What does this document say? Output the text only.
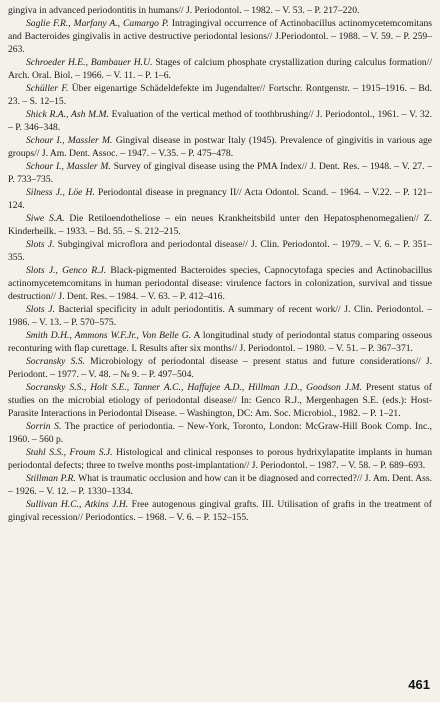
gingiva in advanced periodontitis in humans// J. Periodontol. – 1982. – V. 53. – P. 217–220.

Saglie F.R., Marfany A., Camargo P. Intragingival occurrence of Actinobacillus actinomycetemcomitans and Bacteroides gingivalis in active destructive periodontal lesions// J.Periodontol. – 1988. – V. 59. – P. 259–263.

Schroeder H.E., Bambauer H.U. Stages of calcium phosphate crystallization during calculus formation// Arch. Oral. Biol. – 1966. – V. 11. – P. 1–6.

Schüller F. Über eigenartige Schädeldefekte im Jugendalter// Fortschr. Rontgenstr. – 1915–1916. – Bd. 23. – S. 12–15.

Shick R.A., Ash M.M. Evaluation of the vertical method of toothbrushing// J. Periodontol., 1961. – V. 32. – P. 346–348.

Schour I., Massler M. Gingival disease in postwar Italy (1945). Prevalence of gingivitis in various age groups// J. Am. Dent. Assoc. – 1947. – V.35. – P. 475–478.

Schour I., Massler M. Survey of gingival disease using the PMA Index// J. Dent. Res. – 1948. – V. 27. – P. 733–735.

Silness J., Löe H. Periodontal disease in pregnancy II// Acta Odontol. Scand. – 1964. – V.22. – P. 121–124.

Siwe S.A. Die Retiloendotheliose – ein neues Krankheitsbild unter den Hepatosphenomegalien// Z. Kinderheilk. – 1933. – Bd. 55. – S. 212–215.

Slots J. Subgingival microflora and periodontal disease// J. Clin. Periodontol. – 1979. – V. 6. – P. 351–355.

Slots J., Genco R.J. Black-pigmented Bacteroides species, Capnocytofaga species and Actinobacillus actinomycetemcomitans in human periodontal disease: virulence factors in colonization, survival and tissue destruction// J. Dent. Res. – 1984. – V. 63. – P. 412–416.

Slots J. Bacterial specificity in adult periodontitis. A summary of recent work// J. Clin. Periodontol. – 1986. – V. 13. – P. 570–575.

Smith D.H., Ammons W.F.Jr., Von Belle G. A longitudinal study of periodontal status comparing osseous reconturing with flap curettage. I. Results after six months// J. Periodontol. – 1980. – V. 51. – P. 367–371.

Socransky S.S. Microbiology of periodontal disease – present status and future considerations// J. Periodont. – 1977. – V. 48. – № 9. – P. 497–504.

Socransky S.S., Holt S.E., Tanner A.C., Haffajee A.D., Hillman J.D., Goodson J.M. Present status of studies on the microbial etiology of periodontal disease// In: Genco R.J., Mergenhagen S.E. (eds.): Host-Parasite Interactions in Periodontal Disease. – Washington, DC: Am. Soc. Microbiol., 1982. – P. 1–21.

Sorrin S. The practice of periodontia. – New-York, Toronto, London: McGraw-Hill Book Comp. Inc., 1960. – 560 p.

Stahl S.S., Froum S.J. Histological and clinical responses to porous hydrixylapatite implants in human periodontal defects; three to twelve months post-implantation// J. Periodontol. – 1987. – V. 58. – P. 689–693.

Stillman P.R. What is traumatic occlusion and how can it be diagnosed and corrected?// J. Am. Dent. Ass. – 1926. – V. 12. – P. 1330–1334.

Sullivan H.C., Atkins J.H. Free autogenous gingival grafts. III. Utilisation of grafts in the treatment of gingival recession// Periodontics. – 1968. – V. 6. – P. 152–155.

461
